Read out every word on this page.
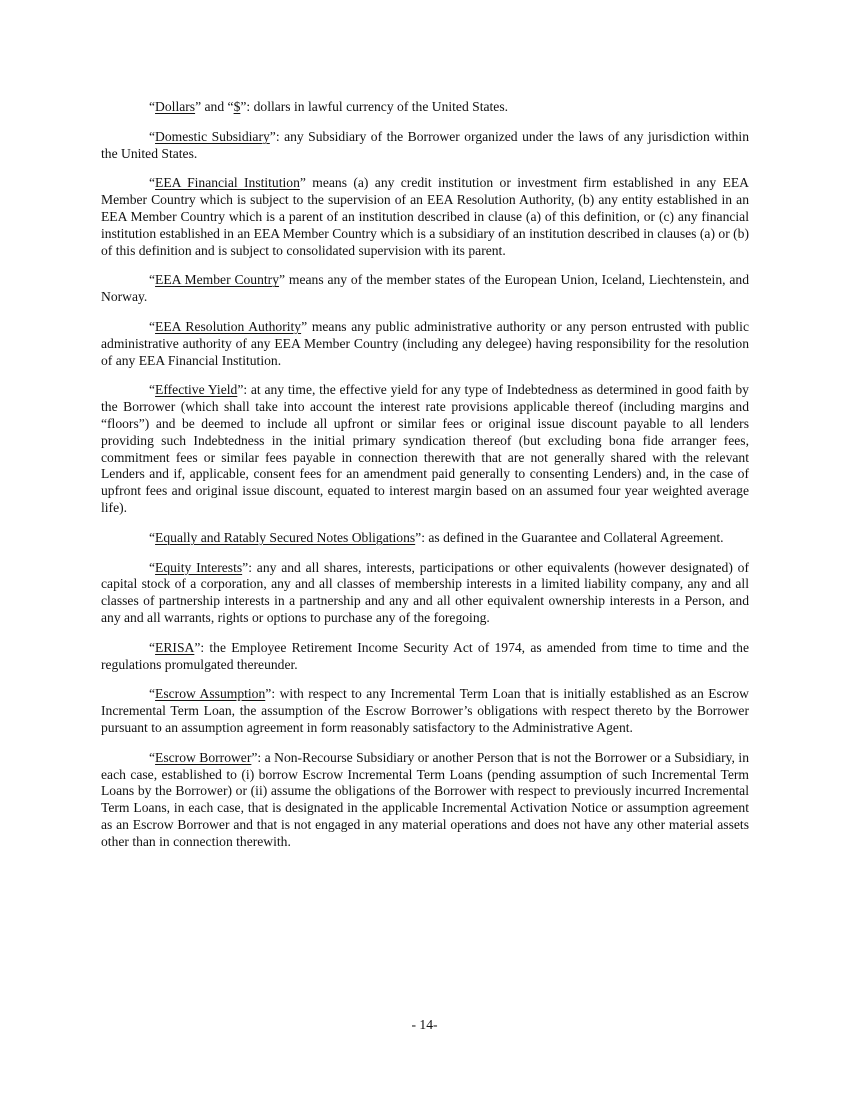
“Dollars” and “$”: dollars in lawful currency of the United States.

“Domestic Subsidiary”: any Subsidiary of the Borrower organized under the laws of any jurisdiction within the United States.

“EEA Financial Institution” means (a) any credit institution or investment firm established in any EEA Member Country which is subject to the supervision of an EEA Resolution Authority, (b) any entity established in an EEA Member Country which is a parent of an institution described in clause (a) of this definition, or (c) any financial institution established in an EEA Member Country which is a subsidiary of an institution described in clauses (a) or (b) of this definition and is subject to consolidated supervision with its parent.

“EEA Member Country” means any of the member states of the European Union, Iceland, Liechtenstein, and Norway.

“EEA Resolution Authority” means any public administrative authority or any person entrusted with public administrative authority of any EEA Member Country (including any delegee) having responsibility for the resolution of any EEA Financial Institution.

“Effective Yield”: at any time, the effective yield for any type of Indebtedness as determined in good faith by the Borrower (which shall take into account the interest rate provisions applicable thereof (including margins and “floors”) and be deemed to include all upfront or similar fees or original issue discount payable to all lenders providing such Indebtedness in the initial primary syndication thereof (but excluding bona fide arranger fees, commitment fees or similar fees payable in connection therewith that are not generally shared with the relevant Lenders and if, applicable, consent fees for an amendment paid generally to consenting Lenders) and, in the case of upfront fees and original issue discount, equated to interest margin based on an assumed four year weighted average life).

“Equally and Ratably Secured Notes Obligations”: as defined in the Guarantee and Collateral Agreement.

“Equity Interests”: any and all shares, interests, participations or other equivalents (however designated) of capital stock of a corporation, any and all classes of membership interests in a limited liability company, any and all classes of partnership interests in a partnership and any and all other equivalent ownership interests in a Person, and any and all warrants, rights or options to purchase any of the foregoing.

“ERISA”: the Employee Retirement Income Security Act of 1974, as amended from time to time and the regulations promulgated thereunder.

“Escrow Assumption”: with respect to any Incremental Term Loan that is initially established as an Escrow Incremental Term Loan, the assumption of the Escrow Borrower’s obligations with respect thereto by the Borrower pursuant to an assumption agreement in form reasonably satisfactory to the Administrative Agent.

“Escrow Borrower”: a Non-Recourse Subsidiary or another Person that is not the Borrower or a Subsidiary, in each case, established to (i) borrow Escrow Incremental Term Loans (pending assumption of such Incremental Term Loans by the Borrower) or (ii) assume the obligations of the Borrower with respect to previously incurred Incremental Term Loans, in each case, that is designated in the applicable Incremental Activation Notice or assumption agreement as an Escrow Borrower and that is not engaged in any material operations and does not have any other material assets other than in connection therewith.

- 14-
